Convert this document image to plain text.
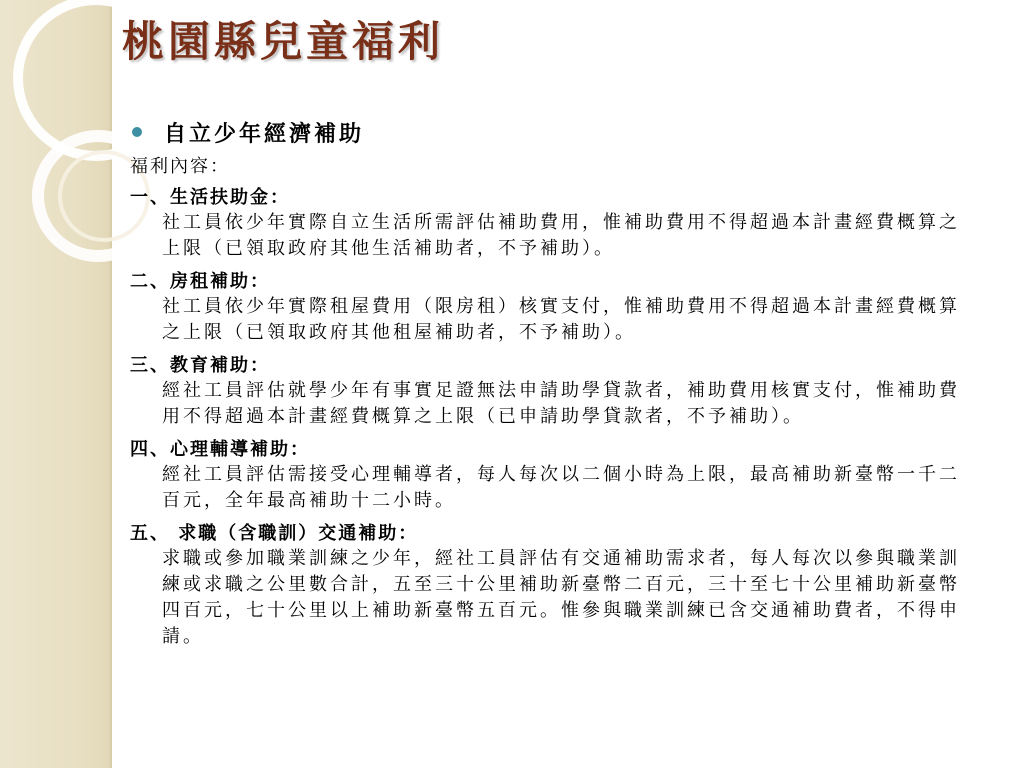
桃園縣兒童福利
自立少年經濟補助
福利內容：
一、生活扶助金：
社工員依少年實際自立生活所需評估補助費用，惟補助費用不得超過本計畫經費概算之上限（已領取政府其他生活補助者，不予補助）。
二、房租補助：
社工員依少年實際租屋費用（限房租）核實支付，惟補助費用不得超過本計畫經費概算之上限（已領取政府其他租屋補助者，不予補助）。
三、教育補助：
經社工員評估就學少年有事實足證無法申請助學貸款者，補助費用核實支付，惟補助費用不得超過本計畫經費概算之上限（已申請助學貸款者，不予補助）。
四、心理輔導補助：
經社工員評估需接受心理輔導者，每人每次以二個小時為上限，最高補助新臺幣一千二百元，全年最高補助十二小時。
五、 求職（含職訓）交通補助：
求職或參加職業訓練之少年，經社工員評估有交通補助需求者，每人每次以參與職業訓練或求職之公里數合計，五至三十公里補助新臺幣二百元，三十至七十公里補助新臺幣四百元，七十公里以上補助新臺幣五百元。惟參與職業訓練已含交通補助費者，不得申請。
